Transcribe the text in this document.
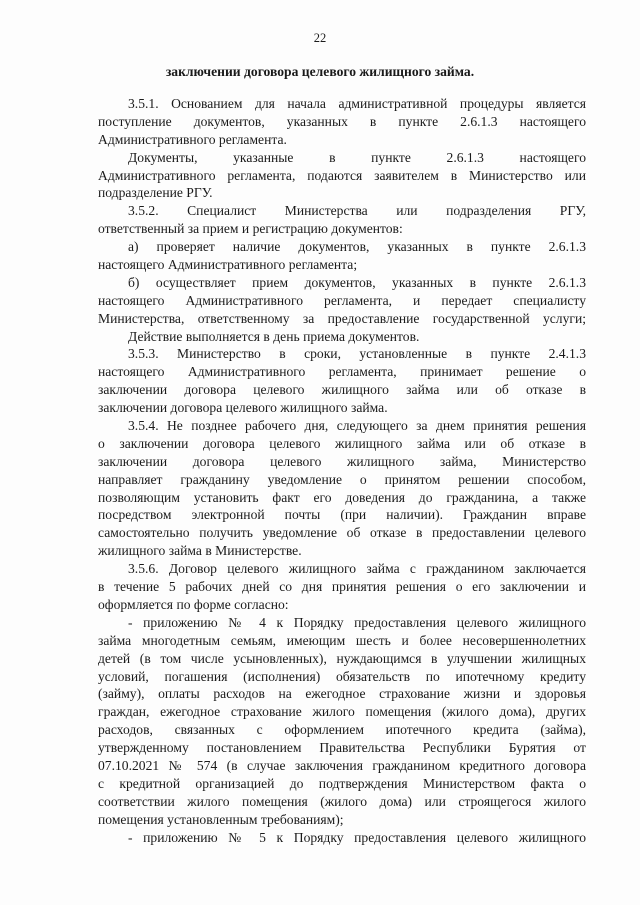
22
заключении договора целевого жилищного займа.
3.5.1. Основанием для начала административной процедуры является
поступление документов, указанных в пункте 2.6.1.3 настоящего
Административного регламента.
Документы, указанные в пункте 2.6.1.3 настоящего
Административного регламента, подаются заявителем в Министерство или
подразделение РГУ.
3.5.2. Специалист Министерства или подразделения РГУ,
ответственный за прием и регистрацию документов:
а) проверяет наличие документов, указанных в пункте 2.6.1.3
настоящего Административного регламента;
б) осуществляет прием документов, указанных в пункте 2.6.1.3
настоящего Административного регламента, и передает специалисту
Министерства, ответственному за предоставление государственной услуги;
Действие выполняется в день приема документов.
3.5.3. Министерство в сроки, установленные в пункте 2.4.1.3
настоящего Административного регламента, принимает решение о
заключении договора целевого жилищного займа или об отказе в
заключении договора целевого жилищного займа.
3.5.4. Не позднее рабочего дня, следующего за днем принятия решения
о заключении договора целевого жилищного займа или об отказе в
заключении договора целевого жилищного займа, Министерство
направляет гражданину уведомление о принятом решении способом,
позволяющим установить факт его доведения до гражданина, а также
посредством электронной почты (при наличии). Гражданин вправе
самостоятельно получить уведомление об отказе в предоставлении целевого
жилищного займа в Министерстве.
3.5.6. Договор целевого жилищного займа с гражданином заключается
в течение 5 рабочих дней со дня принятия решения о его заключении и
оформляется по форме согласно:
- приложению № 4 к Порядку предоставления целевого жилищного
займа многодетным семьям, имеющим шесть и более несовершеннолетних
детей (в том числе усыновленных), нуждающимся в улучшении жилищных
условий, погашения (исполнения) обязательств по ипотечному кредиту
(займу), оплаты расходов на ежегодное страхование жизни и здоровья
граждан, ежегодное страхование жилого помещения (жилого дома), других
расходов, связанных с оформлением ипотечного кредита (займа),
утвержденному постановлением Правительства Республики Бурятия от
07.10.2021 № 574 (в случае заключения гражданином кредитного договора
с кредитной организацией до подтверждения Министерством факта о
соответствии жилого помещения (жилого дома) или строящегося жилого
помещения установленным требованиям);
- приложению № 5 к Порядку предоставления целевого жилищного
